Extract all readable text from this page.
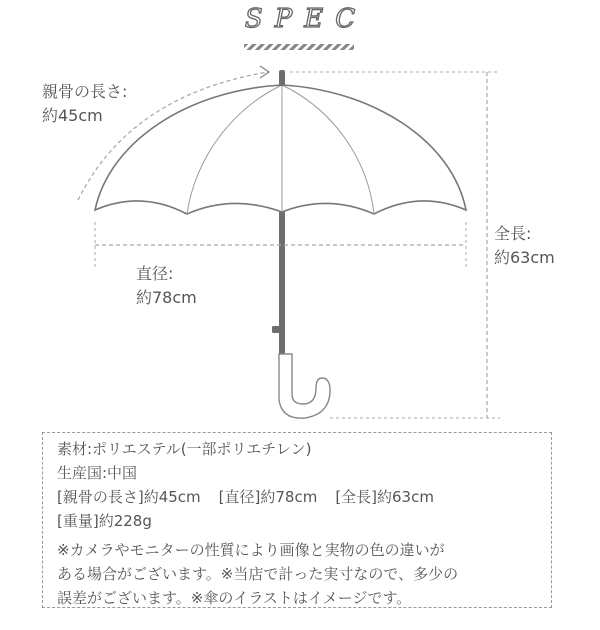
SPEC
親骨の長さ:
約45cm
直径:
約78cm
全長:
約63cm
素材:ポリエステル(一部ポリエチレン)
生産国:中国
[親骨の長さ]約45cm [直径]約78cm [全長]約63cm
[重量]約228g
※カメラやモニターの性質により画像と実物の色の違いが
ある場合がございます。※当店で計った実寸なので、多少の
誤差がございます。※傘のイラストはイメージです。
